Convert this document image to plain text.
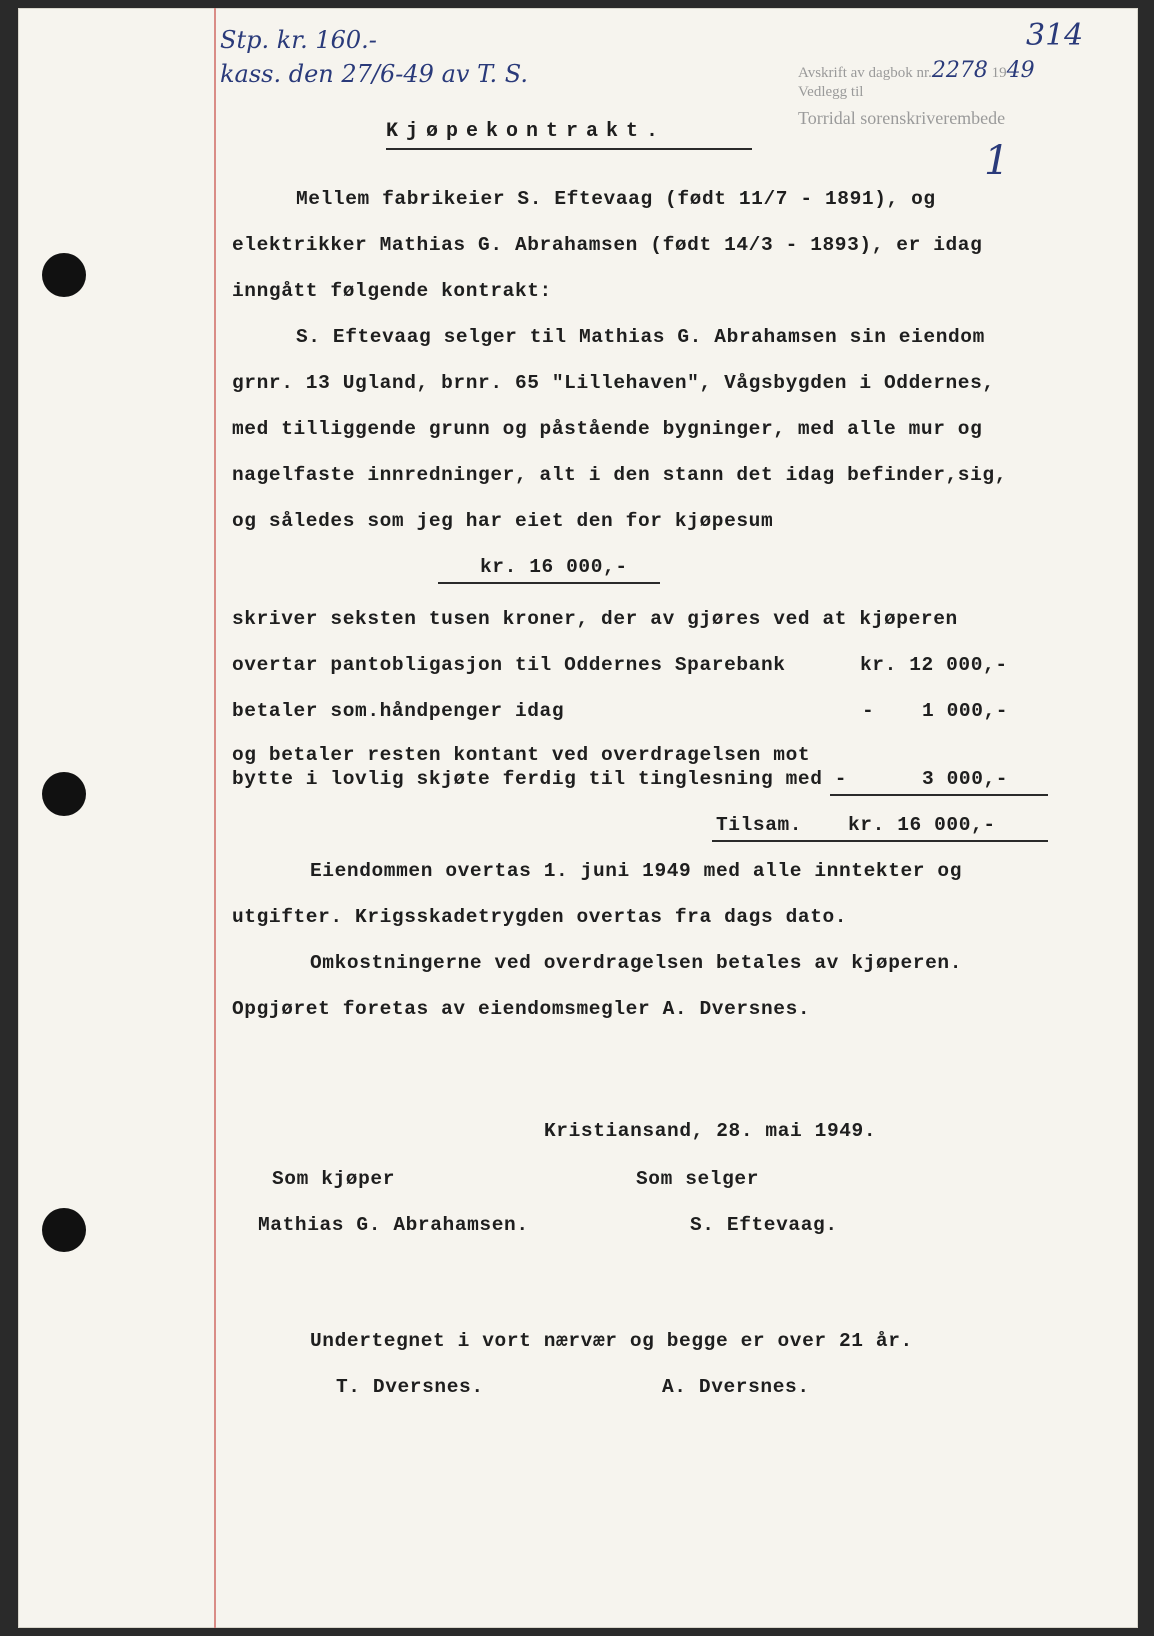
Stp. kr. 160.-
kass. den 27/6-49 av T. S.
314
1
Avskrift av dagbok nr.2278 1949
Vedlegg til
Torridal sorenskriverembede
Kjøpekontrakt.
Mellem fabrikeier S. Eftevaag (født 11/7 - 1891), og
elektrikker Mathias G. Abrahamsen (født 14/3 - 1893), er idag
inngått følgende kontrakt:
S. Eftevaag selger til Mathias G. Abrahamsen sin eiendom
grnr. 13 Ugland, brnr. 65 "Lillehaven", Vågsbygden i Oddernes,
med tilliggende grunn og påstående bygninger, med alle mur og
nagelfaste innredninger, alt i den stann det idag befinder,sig,
og således som jeg har eiet den for kjøpesum
kr. 16 000,-
skriver seksten tusen kroner, der av gjøres ved at kjøperen
overtar pantobligasjon til Oddernes Sparebank	kr. 12 000,-
betaler som.håndpenger idag	- 1 000,-
og betaler resten kontant ved overdragelsen mot
bytte i lovlig skjøte ferdig til tinglesning med -	3 000,-
Tilsam. kr. 16 000,-
Eiendommen overtas 1. juni 1949 med alle inntekter og
utgifter. Krigsskadetrygden overtas fra dags dato.
Omkostningerne ved overdragelsen betales av kjøperen.
Opgjøret foretas av eiendomsmegler A. Dversnes.
Kristiansand, 28. mai 1949.
Som kjøper	Som selger
Mathias G. Abrahamsen.	S. Eftevaag.
Undertegnet i vort nærvær og begge er over 21 år.
T. Dversnes.	A. Dversnes.
